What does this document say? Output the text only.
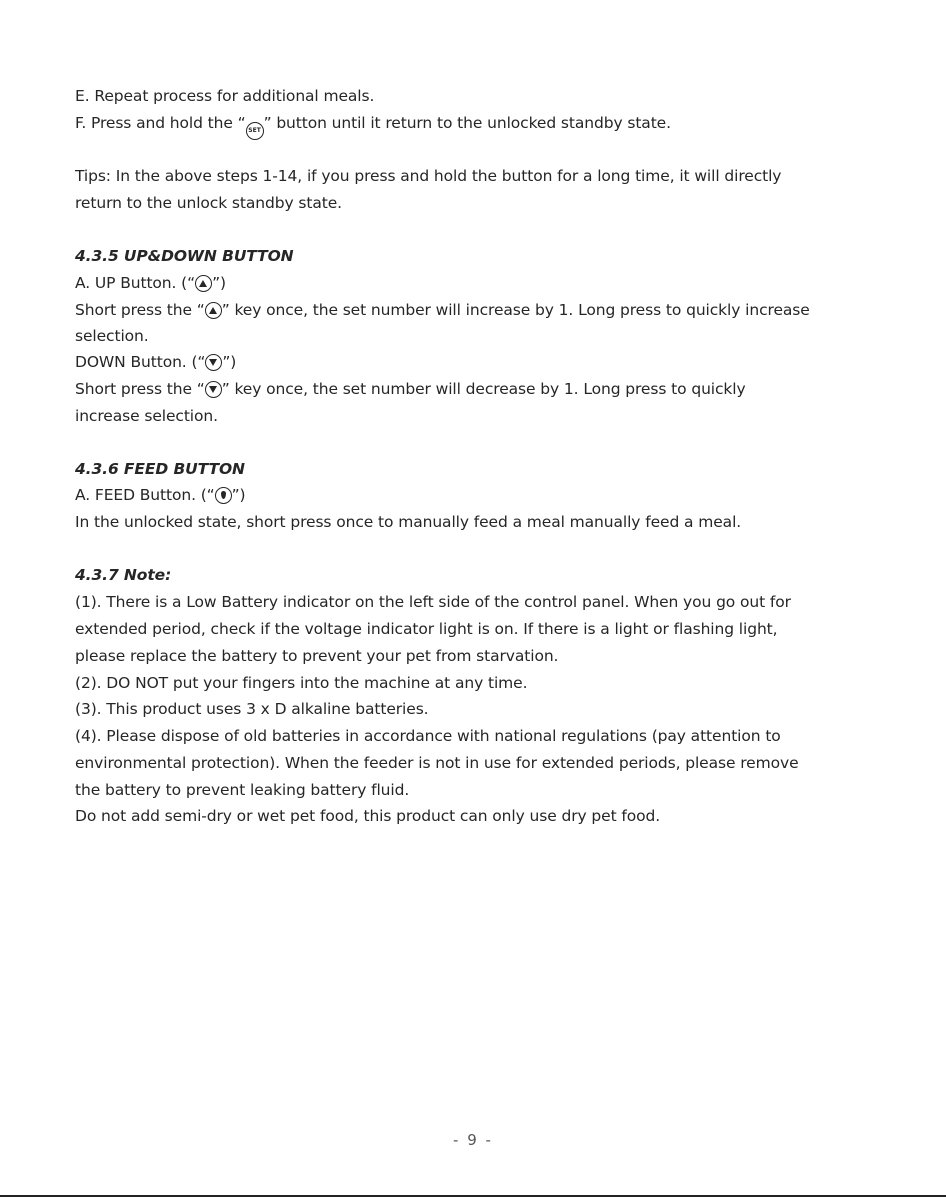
E. Repeat process for additional meals.

F. Press and hold the “ SET ” button until it return to the unlocked standby state.

Tips: In the above steps 1-14, if you press and hold the button for a long time, it will directly

return to the unlock standby state.

4.3.5 UP&DOWN BUTTON

A. UP Button. (“ ”)

Short press the “ ” key once, the set number will increase by 1. Long press to quickly increase

selection.

DOWN Button. (“ ”)

Short press the “ ” key once, the set number will decrease by 1. Long press to quickly

increase selection.

4.3.6 FEED BUTTON

A. FEED Button. (“ ”)

In the unlocked state, short press once to manually feed a meal manually feed a meal.

4.3.7 Note:

(1). There is a Low Battery indicator on the left side of the control panel. When you go out for

extended period, check if the voltage indicator light is on. If there is a light or flashing light,

please replace the battery to prevent your pet from starvation.

(2). DO NOT put your fingers into the machine at any time.

(3). This product uses 3 x D alkaline batteries.

(4). Please dispose of old batteries in accordance with national regulations (pay attention to

environmental protection). When the feeder is not in use for extended periods, please remove

the battery to prevent leaking battery fluid.

Do not add semi-dry or wet pet food, this product can only use dry pet food.

- 9 -
